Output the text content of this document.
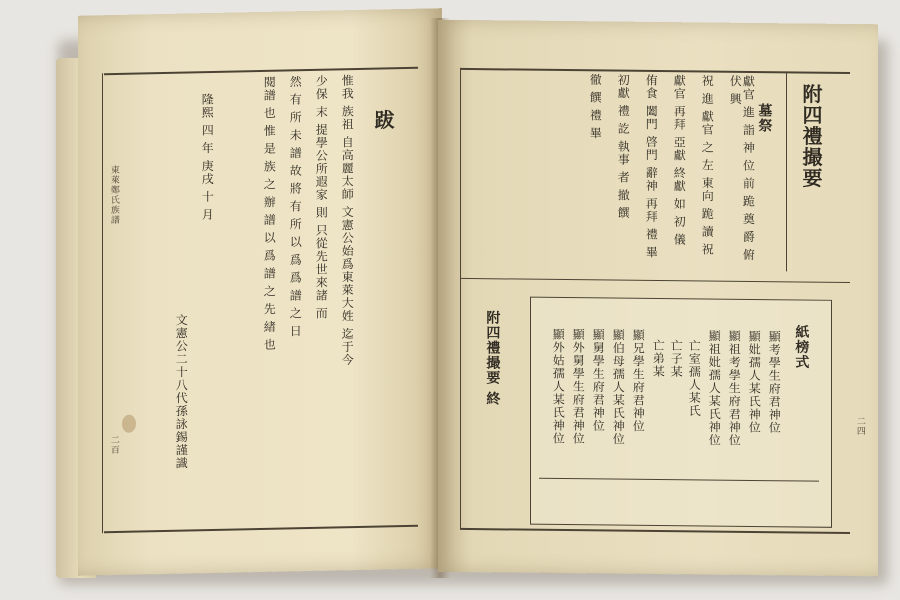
跋
惟我 族祖 自高麗太師 文憲公始爲東萊大姓 迄于今
少保 末 提學公所遐家 則 只從先世來諸 而
然 有 所 未 譜 故 將 有 所 以 爲 爲 譜 之 日
閱譜 也 惟 是 族 之 辦 譜 以 爲 譜 之 先 緖 也
隆熙 四 年 庚戌 十 月
文憲公二十八代孫詠錫謹識
東萊鄭氏族譜
二百
附四禮撮要
墓祭
獻官 進 詣 神 位 前 跪 奠 爵 俯 伏 興
祝 進 獻官 之 左 東向 跪 讀 祝
獻官 再拜 亞獻 終獻 如 初 儀
侑食 闔門 啓門 辭神 再拜 禮 畢
初獻 禮 訖 執事 者 撤 饌
徹 饌 禮 畢
附四禮撮要 終	紙榜式
顯考學生府君神位
顯妣孺人某氏神位
顯祖考學生府君神位
顯祖妣孺人某氏神位
亡室孺人某氏
亡子某
亡弟某
顯兄學生府君神位
顯伯母孺人某氏神位
顯舅學生府君神位
顯外舅學生府君神位
顯外姑孺人某氏神位	二四
